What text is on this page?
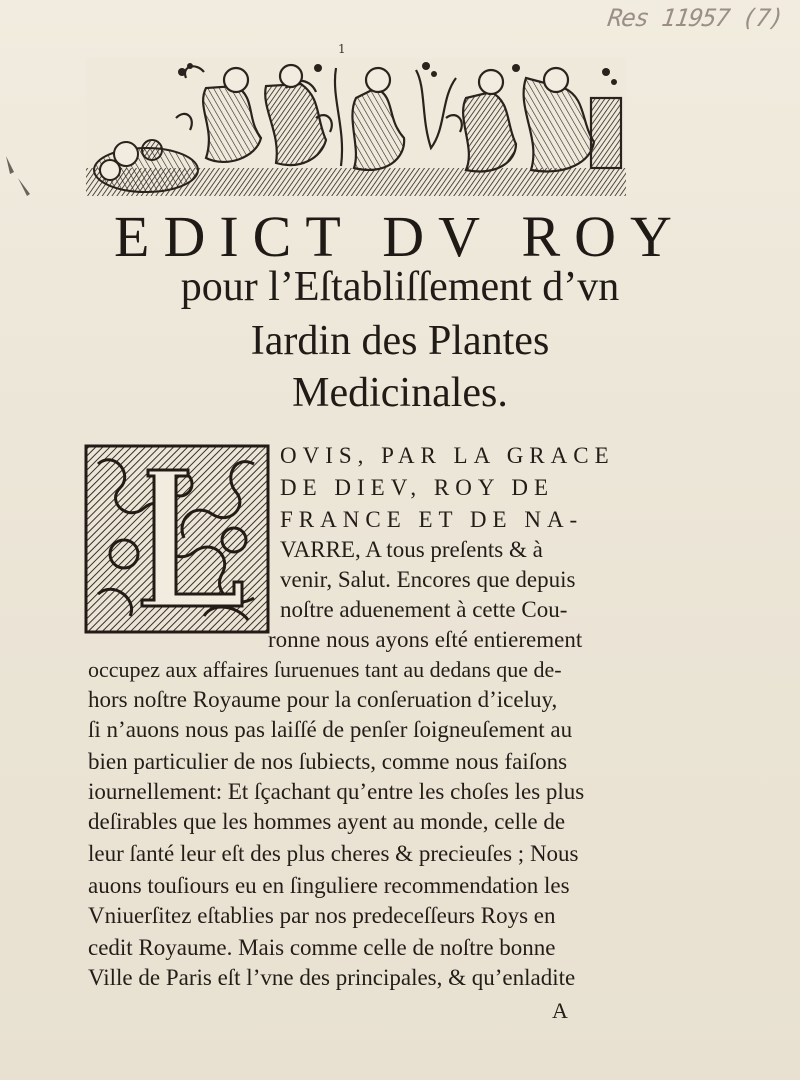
Res 11957 (7)
1
EDICT DV ROY
pour l’Eſtabliſſement d’vn
Iardin des Plantes
Medicinales.
OVIS, PAR LA GRACE
DE DIEV, ROY DE
FRANCE ET DE NA-
VARRE, A tous preſents & à
venir, Salut. Encores que depuis
noſtre aduenement à cette Cou-
ronne nous ayons eſté entierement
occupez aux affaires ſuruenues tant au dedans que de-
hors noſtre Royaume pour la conſeruation d’iceluy,
ſi n’auons nous pas laiſſé de penſer ſoigneuſement au
bien particulier de nos ſubiects, comme nous faiſons
iournellement: Et ſçachant qu’entre les choſes les plus
deſirables que les hommes ayent au monde, celle de
leur ſanté leur eſt des plus cheres & precieuſes ; Nous
auons touſiours eu en ſinguliere recommendation les
Vniuerſitez eſtablies par nos predeceſſeurs Roys en
cedit Royaume. Mais comme celle de noſtre bonne
Ville de Paris eſt l’vne des principales, & qu’enladite
A
